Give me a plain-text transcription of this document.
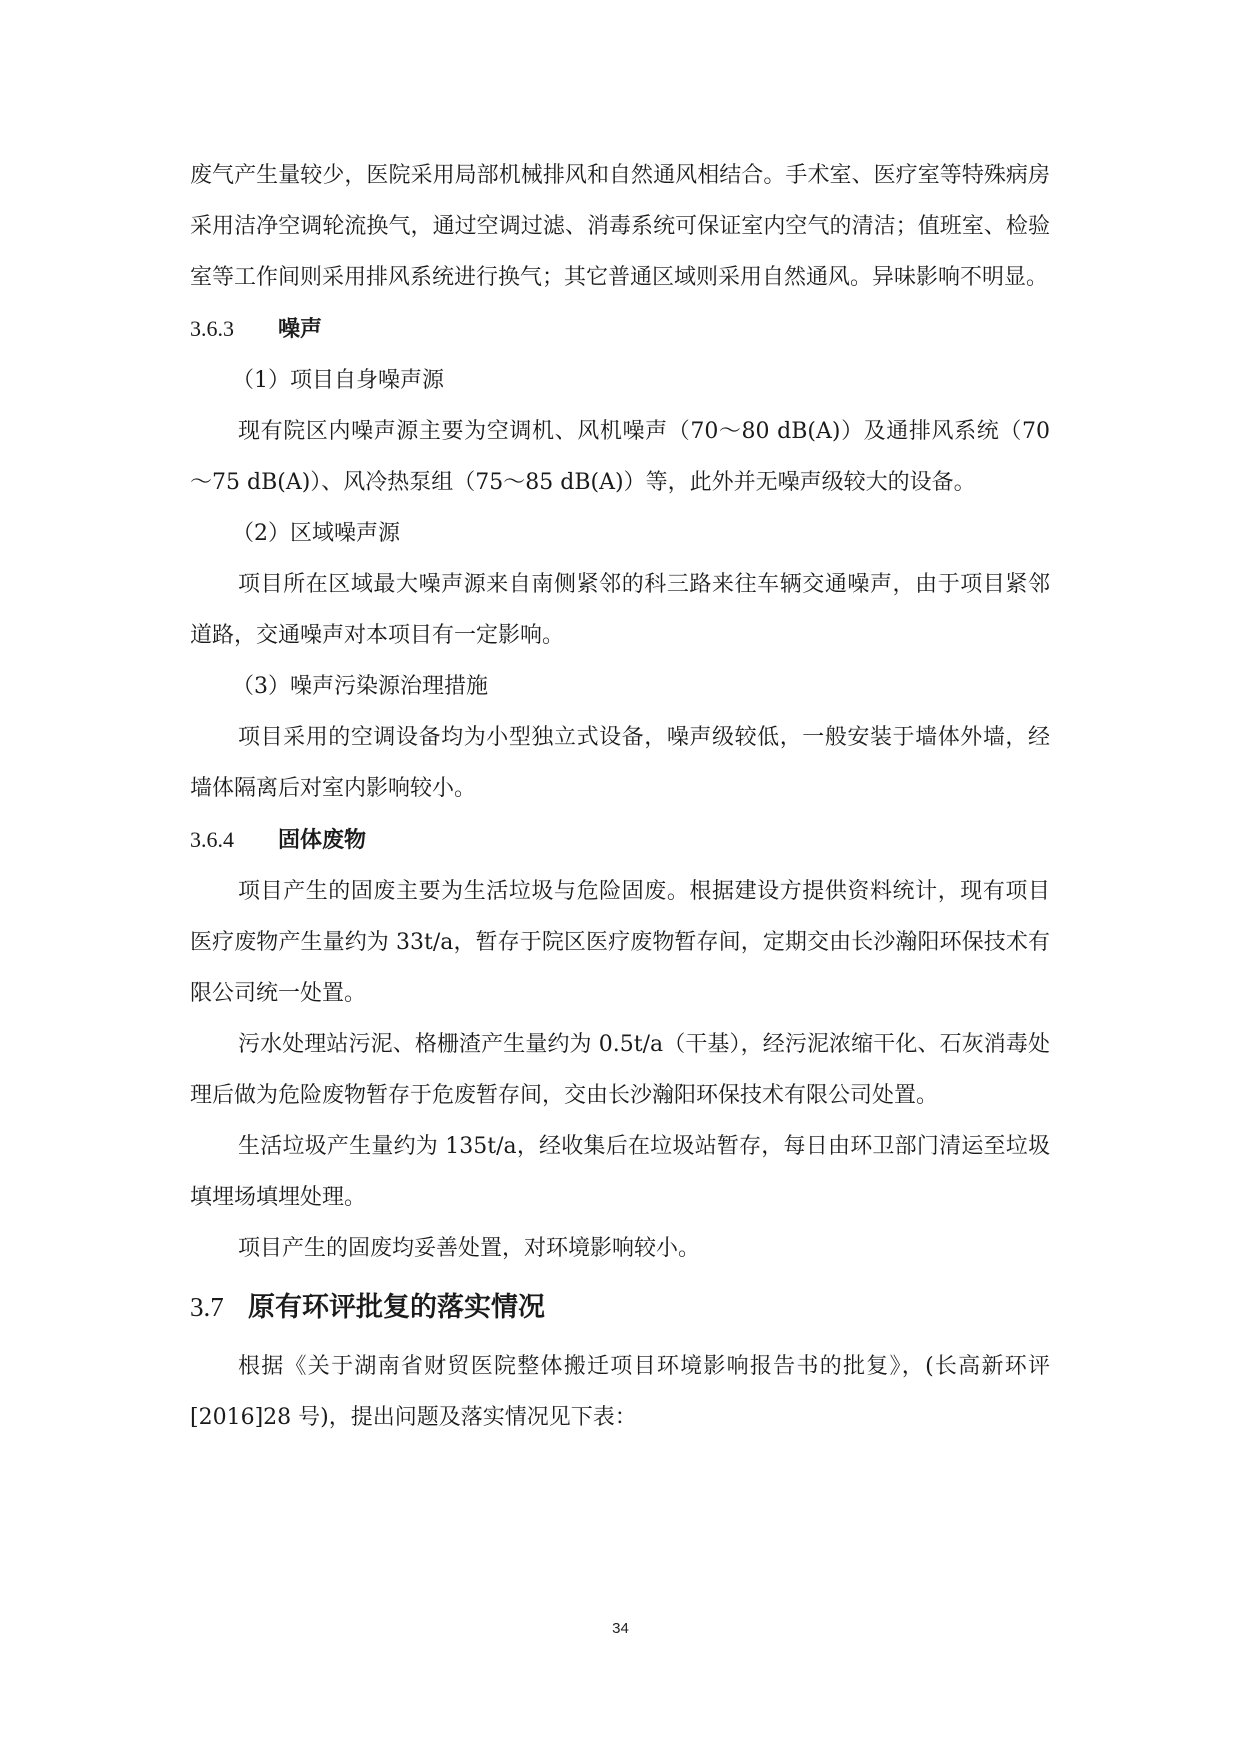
废气产生量较少，医院采用局部机械排风和自然通风相结合。手术室、医疗室等特殊病房采用洁净空调轮流换气，通过空调过滤、消毒系统可保证室内空气的清洁；值班室、检验室等工作间则采用排风系统进行换气；其它普通区域则采用自然通风。异味影响不明显。

3.6.3 噪声

（1）项目自身噪声源

现有院区内噪声源主要为空调机、风机噪声（70～80 dB(A)）及通排风系统（70～75 dB(A)）、风冷热泵组（75～85 dB(A)）等，此外并无噪声级较大的设备。

（2）区域噪声源

项目所在区域最大噪声源来自南侧紧邻的科三路来往车辆交通噪声，由于项目紧邻道路，交通噪声对本项目有一定影响。

（3）噪声污染源治理措施

项目采用的空调设备均为小型独立式设备，噪声级较低，一般安装于墙体外墙，经墙体隔离后对室内影响较小。

3.6.4 固体废物

项目产生的固废主要为生活垃圾与危险固废。根据建设方提供资料统计，现有项目医疗废物产生量约为 33t/a，暂存于院区医疗废物暂存间，定期交由长沙瀚阳环保技术有限公司统一处置。

污水处理站污泥、格栅渣产生量约为 0.5t/a（干基），经污泥浓缩干化、石灰消毒处理后做为危险废物暂存于危废暂存间，交由长沙瀚阳环保技术有限公司处置。

生活垃圾产生量约为 135t/a，经收集后在垃圾站暂存，每日由环卫部门清运至垃圾填埋场填埋处理。

项目产生的固废均妥善处置，对环境影响较小。

3.7 原有环评批复的落实情况

根据《关于湖南省财贸医院整体搬迁项目环境影响报告书的批复》，(长高新环评[2016]28 号)，提出问题及落实情况见下表：

34
